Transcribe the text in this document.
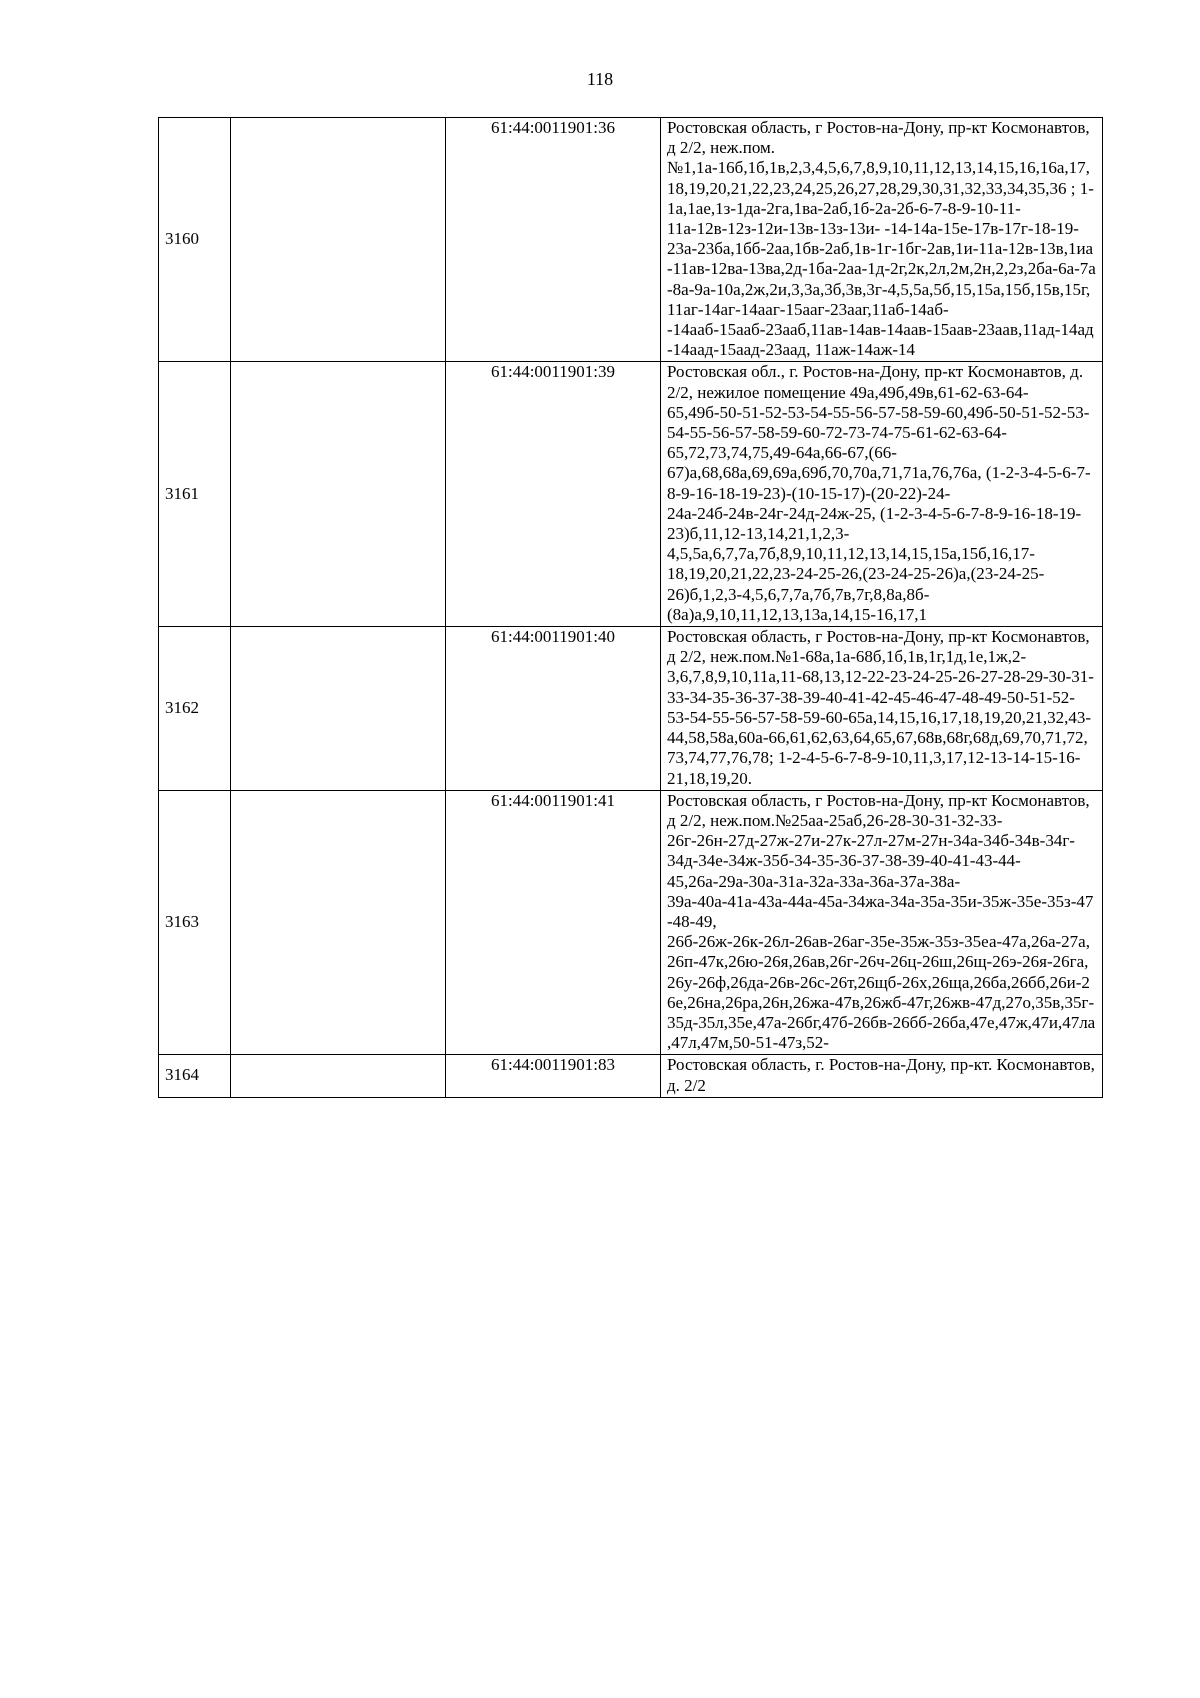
118
3160		61:44:0011901:36	Ростовская область, г Ростов-на-Дону, пр-кт Космонавтов, д 2/2, неж.пом.№1,1а-16б,1б,1в,2,3,4,5,6,7,8,9,10,11,12,13,14,15,16,16а,17,18,19,20,21,22,23,24,25,26,27,28,29,30,31,32,33,34,35,36 ; 1-1а,1ае,1з-1да-2га,1ва-2аб,1б-2а-2б-6-7-8-9-10-11-11а-12в-12з-12и-13в-13з-13и- -14-14а-15е-17в-17г-18-19-23а-23ба,1бб-2аа,1бв-2аб,1в-1г-1бг-2ав,1и-11а-12в-13в,1иа-11ав-12ва-13ва,2д-1ба-2аа-1д-2г,2к,2л,2м,2н,2,2з,2ба-6а-7а-8а-9а-10а,2ж,2и,3,3а,3б,3в,3г-4,5,5а,5б,15,15а,15б,15в,15г,11аг-14аг-14ааг-15ааг-23ааг,11аб-14аб- -14ааб-15ааб-23ааб,11ав-14ав-14аав-15аав-23аав,11ад-14ад-14аад-15аад-23аад, 11аж-14аж-14
3161		61:44:0011901:39	Ростовская обл., г. Ростов-на-Дону, пр-кт Космонавтов, д. 2/2, нежилое помещение 49а,49б,49в,61-62-63-64-65,49б-50-51-52-53-54-55-56-57-58-59-60,49б-50-51-52-53-54-55-56-57-58-59-60-72-73-74-75-61-62-63-64-65,72,73,74,75,49-64а,66-67,(66-67)а,68,68а,69,69а,69б,70,70а,71,71а,76,76а, (1-2-3-4-5-6-7-8-9-16-18-19-23)-(10-15-17)-(20-22)-24-24а-24б-24в-24г-24д-24ж-25, (1-2-3-4-5-6-7-8-9-16-18-19-23)б,11,12-13,14,21,1,2,3-4,5,5а,6,7,7а,7б,8,9,10,11,12,13,14,15,15а,15б,16,17-18,19,20,21,22,23-24-25-26,(23-24-25-26)а,(23-24-25-26)б,1,2,3-4,5,6,7,7а,7б,7в,7г,8,8а,8б-(8а)а,9,10,11,12,13,13а,14,15-16,17,1
3162		61:44:0011901:40	Ростовская область, г Ростов-на-Дону, пр-кт Космонавтов, д 2/2, неж.пом.№1-68а,1а-68б,1б,1в,1г,1д,1е,1ж,2- 3,6,7,8,9,10,11а,11-68,13,12-22-23-24-25-26-27-28-29-30-31-33-34-35-36-37-38-39-40-41-42-45-46-47-48-49-50-51-52-53-54-55-56-57-58-59-60-65а,14,15,16,17,18,19,20,21,32,43- 44,58,58а,60а-66,61,62,63,64,65,67,68в,68г,68д,69,70,71,72,73,74,77,76,78; 1-2-4-5-6-7-8-9-10,11,3,17,12-13-14-15-16-21,18,19,20.
3163		61:44:0011901:41	Ростовская область, г Ростов-на-Дону, пр-кт Космонавтов, д 2/2, неж.пом.№25аа-25аб,26-28-30-31-32-33-26г-26н-27д-27ж-27и-27к-27л-27м-27н-34а-34б-34в-34г- 34д-34е-34ж-35б-34-35-36-37-38-39-40-41-43-44-45,26а-29а-30а-31а-32а-33а-36а-37а-38а- 39а-40а-41а-43а-44а-45а-34жа-34а-35а-35и-35ж-35е-35з-47-48-49, 26б-26ж-26к-26л-26ав-26аг-35е-35ж-35з-35еа-47а,26а-27а,26п-47к,26ю-26я,26ав,26г-26ч-26ц-26ш,26щ-26э-26я-26га,26у-26ф,26да-26в-26с-26т,26щб-26х,26ща,26ба,26бб,26и-26е,26на,26ра,26н,26жа-47в,26жб-47г,26жв-47д,27о,35в,35г-35д-35л,35е,47а-26бг,47б-26бв-26бб-26ба,47е,47ж,47и,47ла,47л,47м,50-51-47з,52-
3164		61:44:0011901:83	Ростовская область, г. Ростов-на-Дону, пр-кт. Космонавтов, д. 2/2
